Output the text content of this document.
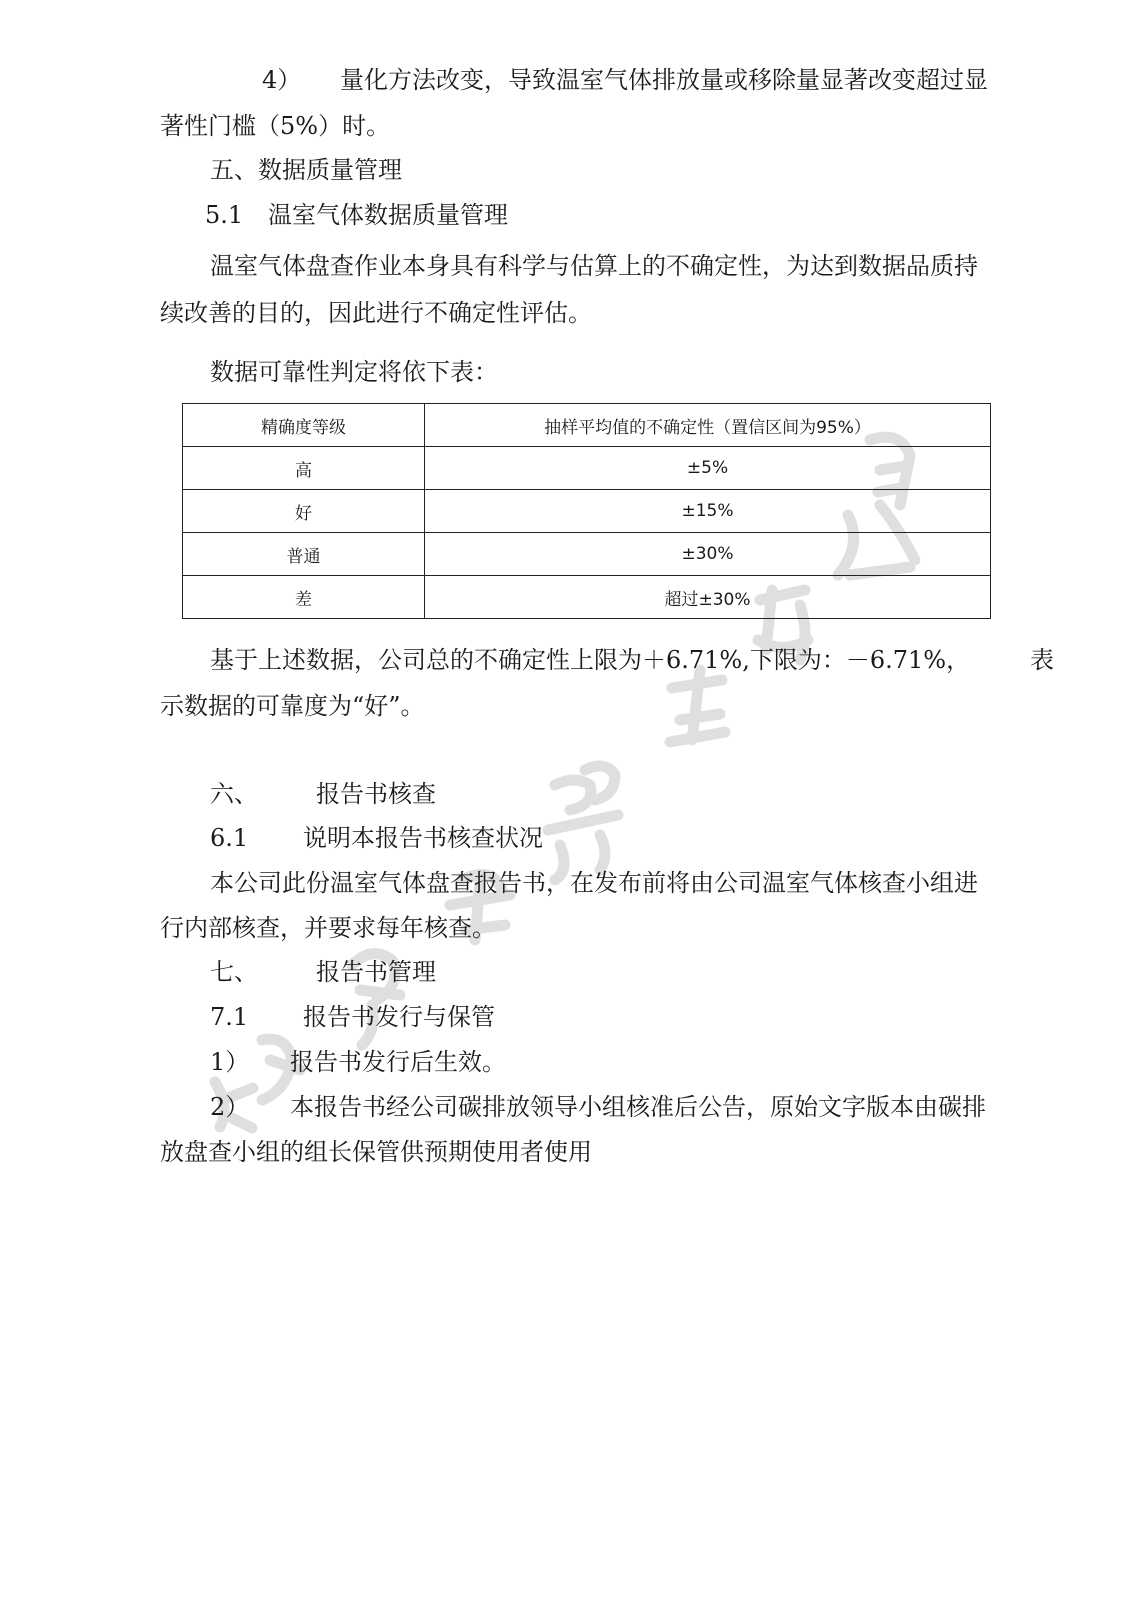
4） 量化方法改变，导致温室气体排放量或移除量显著改变超过显
著性门槛（5%）时。
五、数据质量管理
5.1 温室气体数据质量管理
温室气体盘查作业本身具有科学与估算上的不确定性，为达到数据品质持
续改善的目的，因此进行不确定性评估。
数据可靠性判定将依下表：
精确度等级	抽样平均值的不确定性（置信区间为95%）
高	±5%
好	±15%
普通	±30%
差	超过±30%
基于上述数据，公司总的不确定性上限为＋6.71%,下限为：－6.71%， 表
示数据的可靠度为“好”。
六、 报告书核查
6.1 说明本报告书核查状况
本公司此份温室气体盘查报告书，在发布前将由公司温室气体核查小组进
行内部核查，并要求每年核查。
七、 报告书管理
7.1 报告书发行与保管
1） 报告书发行后生效。
2） 本报告书经公司碳排放领导小组核准后公告，原始文字版本由碳排
放盘查小组的组长保管供预期使用者使用
